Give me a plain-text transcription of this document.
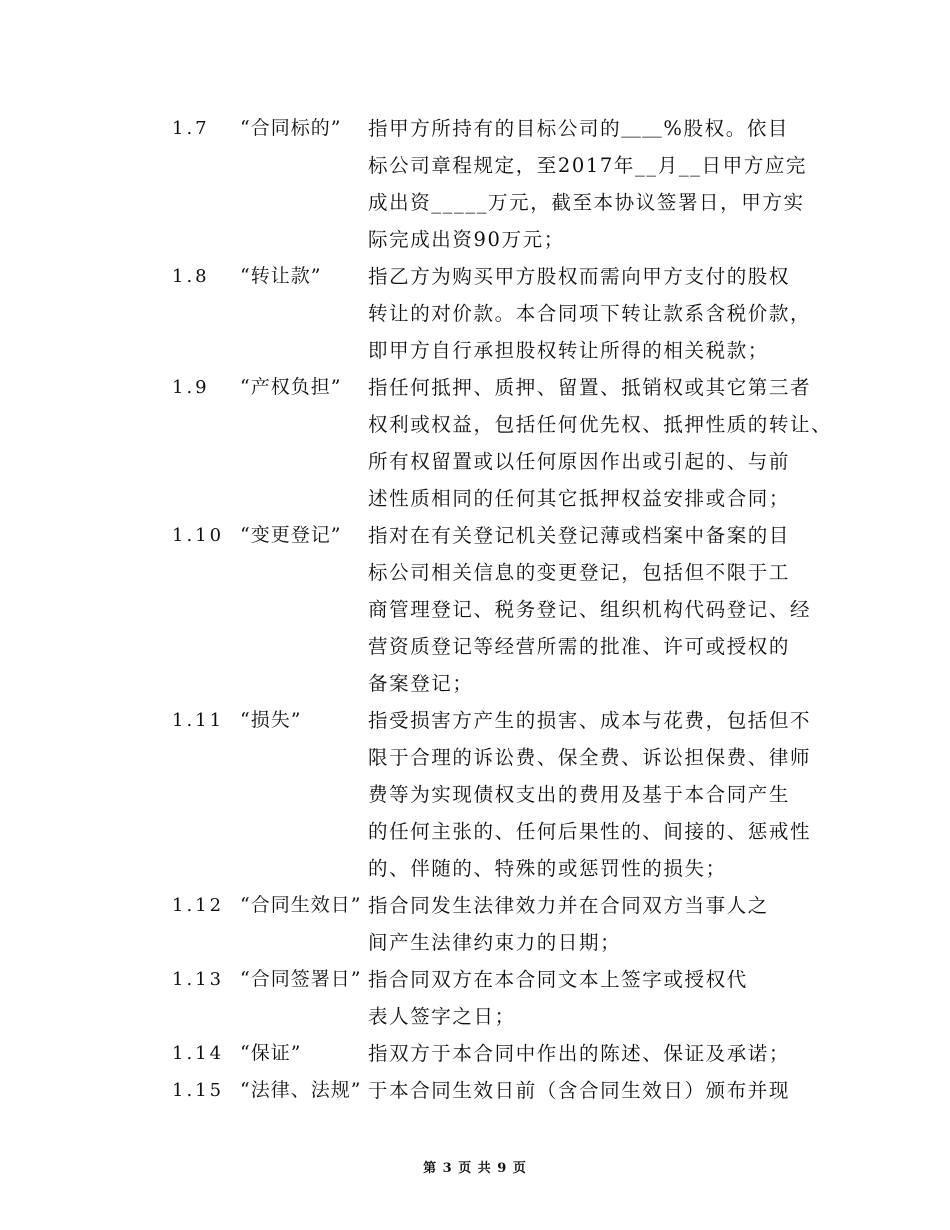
1.7 “合同标的” 指甲方所持有的目标公司的＿＿%股权。依目
标公司章程规定，至2017年__月__日甲方应完
成出资_____万元，截至本协议签署日，甲方实
际完成出资90万元；
1.8 “转让款” 指乙方为购买甲方股权而需向甲方支付的股权
转让的对价款。本合同项下转让款系含税价款，
即甲方自行承担股权转让所得的相关税款；
1.9 “产权负担” 指任何抵押、质押、留置、抵销权或其它第三者
权利或权益，包括任何优先权、抵押性质的转让、
所有权留置或以任何原因作出或引起的、与前
述性质相同的任何其它抵押权益安排或合同；
1.10 “变更登记” 指对在有关登记机关登记薄或档案中备案的目
标公司相关信息的变更登记，包括但不限于工
商管理登记、税务登记、组织机构代码登记、经
营资质登记等经营所需的批准、许可或授权的
备案登记；
1.11 “损失”	指受损害方产生的损害、成本与花费，包括但不
限于合理的诉讼费、保全费、诉讼担保费、律师
费等为实现债权支出的费用及基于本合同产生
的任何主张的、任何后果性的、间接的、惩戒性
的、伴随的、特殊的或惩罚性的损失；
1.12 “合同生效日” 指合同发生法律效力并在合同双方当事人之
间产生法律约束力的日期；
1.13 “合同签署日” 指合同双方在本合同文本上签字或授权代
表人签字之日；
1.14 “保证”	指双方于本合同中作出的陈述、保证及承诺；
1.15 “法律、法规” 于本合同生效日前（含合同生效日）颁布并现
第 3 页 共 9 页
